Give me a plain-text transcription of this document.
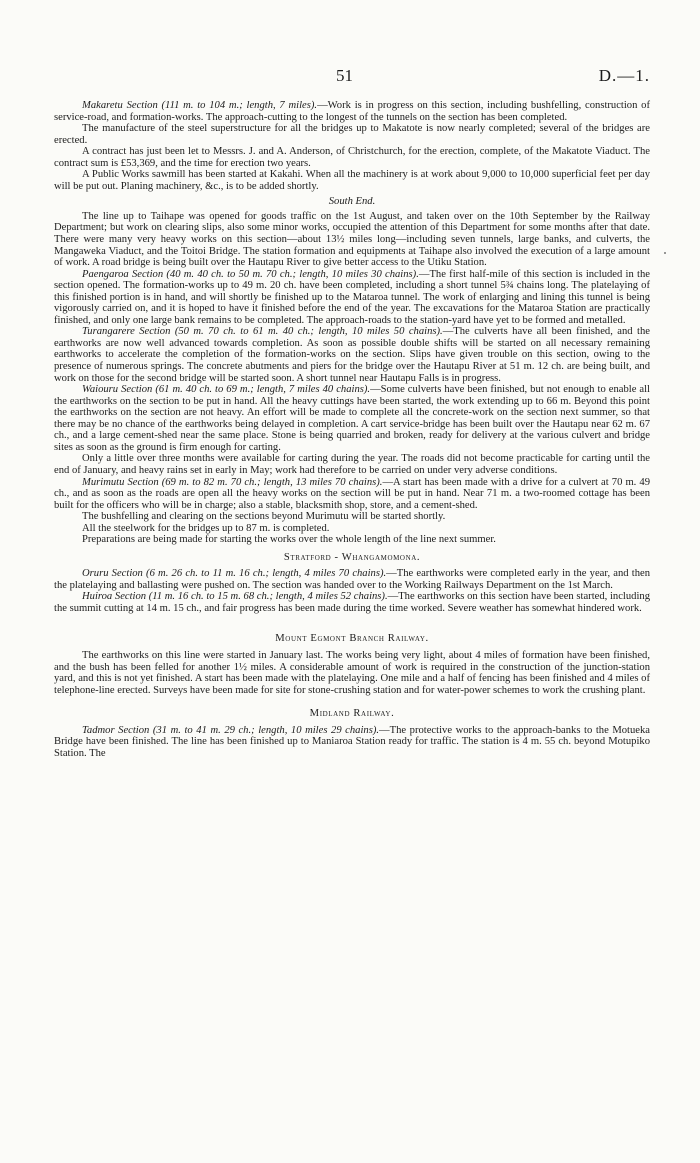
51	D.—1.

Makaretu Section (111 m. to 104 m.; length, 7 miles).—Work is in progress on this section, including bushfelling, construction of service-road, and formation-works. The approach-cutting to the longest of the tunnels on the section has been completed.

The manufacture of the steel superstructure for all the bridges up to Makatote is now nearly completed; several of the bridges are erected.

A contract has just been let to Messrs. J. and A. Anderson, of Christchurch, for the erection, complete, of the Makatote Viaduct. The contract sum is £53,369, and the time for erection two years.

A Public Works sawmill has been started at Kakahi. When all the machinery is at work about 9,000 to 10,000 superficial feet per day will be put out. Planing machinery, &c., is to be added shortly.

South End.

The line up to Taihape was opened for goods traffic on the 1st August, and taken over on the 10th September by the Railway Department; but work on clearing slips, also some minor works, occupied the attention of this Department for some months after that date. There were many very heavy works on this section—about 13½ miles long—including seven tunnels, large banks, and culverts, the Mangaweka Viaduct, and the Toitoi Bridge. The station formation and equipments at Taihape also involved the execution of a large amount of work. A road bridge is being built over the Hautapu River to give better access to the Utiku Station.

Paengaroa Section (40 m. 40 ch. to 50 m. 70 ch.; length, 10 miles 30 chains).—The first half-mile of this section is included in the section opened. The formation-works up to 49 m. 20 ch. have been completed, including a short tunnel 5¾ chains long. The platelaying of this finished portion is in hand, and will shortly be finished up to the Mataroa tunnel. The work of enlarging and lining this tunnel is being vigorously carried on, and it is hoped to have it finished before the end of the year. The excavations for the Mataroa Station are practically finished, and only one large bank remains to be completed. The approach-roads to the station-yard have yet to be formed and metalled.

Turangarere Section (50 m. 70 ch. to 61 m. 40 ch.; length, 10 miles 50 chains).—The culverts have all been finished, and the earthworks are now well advanced towards completion. As soon as possible double shifts will be started on all necessary remaining earthworks to accelerate the completion of the formation-works on the section. Slips have given trouble on this section, owing to the presence of numerous springs. The concrete abutments and piers for the bridge over the Hautapu River at 51 m. 12 ch. are being built, and work on those for the second bridge will be started soon. A short tunnel near Hautapu Falls is in progress.

Waiouru Section (61 m. 40 ch. to 69 m.; length, 7 miles 40 chains).—Some culverts have been finished, but not enough to enable all the earthworks on the section to be put in hand. All the heavy cuttings have been started, the work extending up to 66 m. Beyond this point the earthworks on the section are not heavy. An effort will be made to complete all the concrete-work on the section next summer, so that there may be no chance of the earthworks being delayed in completion. A cart service-bridge has been built over the Hautapu near 62 m. 67 ch., and a large cement-shed near the same place. Stone is being quarried and broken, ready for delivery at the various culvert and bridge sites as soon as the ground is firm enough for carting.

Only a little over three months were available for carting during the year. The roads did not become practicable for carting until the end of January, and heavy rains set in early in May; work had therefore to be carried on under very adverse conditions.

Murimutu Section (69 m. to 82 m. 70 ch.; length, 13 miles 70 chains).—A start has been made with a drive for a culvert at 70 m. 49 ch., and as soon as the roads are open all the heavy works on the section will be put in hand. Near 71 m. a two-roomed cottage has been built for the officers who will be in charge; also a stable, blacksmith shop, store, and a cement-shed.

The bushfelling and clearing on the sections beyond Murimutu will be started shortly.

All the steelwork for the bridges up to 87 m. is completed.

Preparations are being made for starting the works over the whole length of the line next summer.

Stratford - Whangamomona.

Oruru Section (6 m. 26 ch. to 11 m. 16 ch.; length, 4 miles 70 chains).—The earthworks were completed early in the year, and then the platelaying and ballasting were pushed on. The section was handed over to the Working Railways Department on the 1st March.

Huiroa Section (11 m. 16 ch. to 15 m. 68 ch.; length, 4 miles 52 chains).—The earthworks on this section have been started, including the summit cutting at 14 m. 15 ch., and fair progress has been made during the time worked. Severe weather has somewhat hindered work.

Mount Egmont Branch Railway.

The earthworks on this line were started in January last. The works being very light, about 4 miles of formation have been finished, and the bush has been felled for another 1½ miles. A considerable amount of work is required in the construction of the junction-station yard, and this is not yet finished. A start has been made with the platelaying. One mile and a half of fencing has been finished and 4 miles of telephone-line erected. Surveys have been made for site for stone-crushing station and for water-power schemes to work the crushing plant.

Midland Railway.

Tadmor Section (31 m. to 41 m. 29 ch.; length, 10 miles 29 chains).—The protective works to the approach-banks to the Motueka Bridge have been finished. The line has been finished up to Maniaroa Station ready for traffic. The station is 4 m. 55 ch. beyond Motupiko Station. The
